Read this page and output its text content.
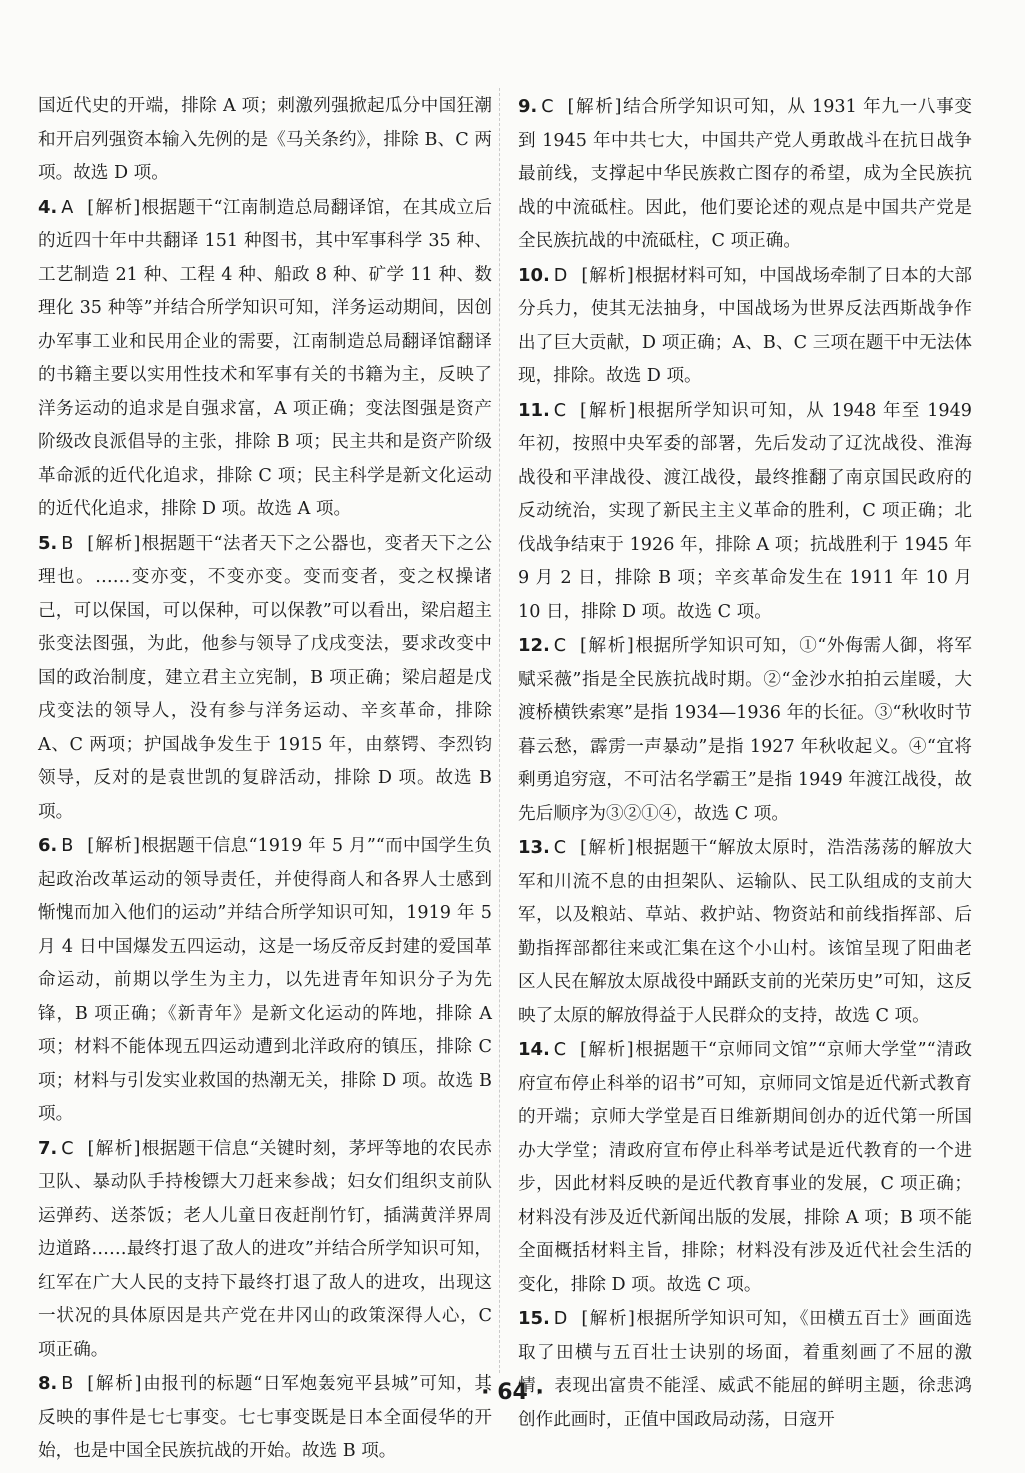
国近代史的开端，排除 A 项；刺激列强掀起瓜分中国狂潮和开启列强资本输入先例的是《马关条约》，排除 B、C 两项。故选 D 项。

4. A [解析]根据题干“江南制造总局翻译馆，在其成立后的近四十年中共翻译 151 种图书，其中军事科学 35 种、工艺制造 21 种、工程 4 种、船政 8 种、矿学 11 种、数理化 35 种等”并结合所学知识可知，洋务运动期间，因创办军事工业和民用企业的需要，江南制造总局翻译馆翻译的书籍主要以实用性技术和军事有关的书籍为主，反映了洋务运动的追求是自强求富，A 项正确；变法图强是资产阶级改良派倡导的主张，排除 B 项；民主共和是资产阶级革命派的近代化追求，排除 C 项；民主科学是新文化运动的近代化追求，排除 D 项。故选 A 项。

5. B [解析]根据题干“法者天下之公器也，变者天下之公理也。……变亦变，不变亦变。变而变者，变之权操诸己，可以保国，可以保种，可以保教”可以看出，梁启超主张变法图强，为此，他参与领导了戊戌变法，要求改变中国的政治制度，建立君主立宪制，B 项正确；梁启超是戊戌变法的领导人，没有参与洋务运动、辛亥革命，排除 A、C 两项；护国战争发生于 1915 年，由蔡锷、李烈钧领导，反对的是袁世凯的复辟活动，排除 D 项。故选 B 项。

6. B [解析]根据题干信息“1919 年 5 月”“而中国学生负起政治改革运动的领导责任，并使得商人和各界人士感到惭愧而加入他们的运动”并结合所学知识可知，1919 年 5 月 4 日中国爆发五四运动，这是一场反帝反封建的爱国革命运动，前期以学生为主力，以先进青年知识分子为先锋，B 项正确；《新青年》是新文化运动的阵地，排除 A 项；材料不能体现五四运动遭到北洋政府的镇压，排除 C 项；材料与引发实业救国的热潮无关，排除 D 项。故选 B 项。

7. C [解析]根据题干信息“关键时刻，茅坪等地的农民赤卫队、暴动队手持梭镖大刀赶来参战；妇女们组织支前队运弹药、送茶饭；老人儿童日夜赶削竹钉，插满黄洋界周边道路……最终打退了敌人的进攻”并结合所学知识可知，红军在广大人民的支持下最终打退了敌人的进攻，出现这一状况的具体原因是共产党在井冈山的政策深得人心，C 项正确。

8. B [解析]由报刊的标题“日军炮轰宛平县城”可知，其反映的事件是七七事变。七七事变既是日本全面侵华的开始，也是中国全民族抗战的开始。故选 B 项。

9. C [解析]结合所学知识可知，从 1931 年九一八事变到 1945 年中共七大，中国共产党人勇敢战斗在抗日战争最前线，支撑起中华民族救亡图存的希望，成为全民族抗战的中流砥柱。因此，他们要论述的观点是中国共产党是全民族抗战的中流砥柱，C 项正确。

10. D [解析]根据材料可知，中国战场牵制了日本的大部分兵力，使其无法抽身，中国战场为世界反法西斯战争作出了巨大贡献，D 项正确；A、B、C 三项在题干中无法体现，排除。故选 D 项。

11. C [解析]根据所学知识可知，从 1948 年至 1949 年初，按照中央军委的部署，先后发动了辽沈战役、淮海战役和平津战役、渡江战役，最终推翻了南京国民政府的反动统治，实现了新民主主义革命的胜利，C 项正确；北伐战争结束于 1926 年，排除 A 项；抗战胜利于 1945 年 9 月 2 日，排除 B 项；辛亥革命发生在 1911 年 10 月 10 日，排除 D 项。故选 C 项。

12. C [解析]根据所学知识可知，①“外侮需人御，将军赋采薇”指是全民族抗战时期。②“金沙水拍拍云崖暖，大渡桥横铁索寒”是指 1934—1936 年的长征。③“秋收时节暮云愁，霹雳一声暴动”是指 1927 年秋收起义。④“宜将剩勇追穷寇，不可沽名学霸王”是指 1949 年渡江战役，故先后顺序为③②①④，故选 C 项。

13. C [解析]根据题干“解放太原时，浩浩荡荡的解放大军和川流不息的由担架队、运输队、民工队组成的支前大军，以及粮站、草站、救护站、物资站和前线指挥部、后勤指挥部都往来或汇集在这个小山村。该馆呈现了阳曲老区人民在解放太原战役中踊跃支前的光荣历史”可知，这反映了太原的解放得益于人民群众的支持，故选 C 项。

14. C [解析]根据题干“京师同文馆”“京师大学堂”“清政府宣布停止科举的诏书”可知，京师同文馆是近代新式教育的开端；京师大学堂是百日维新期间创办的近代第一所国办大学堂；清政府宣布停止科举考试是近代教育的一个进步，因此材料反映的是近代教育事业的发展，C 项正确；材料没有涉及近代新闻出版的发展，排除 A 项；B 项不能全面概括材料主旨，排除；材料没有涉及近代社会生活的变化，排除 D 项。故选 C 项。

15. D [解析]根据所学知识可知，《田横五百士》画面选取了田横与五百壮士诀别的场面，着重刻画了不屈的激情，表现出富贵不能淫、威武不能屈的鲜明主题，徐悲鸿创作此画时，正值中国政局动荡，日寇开

· 64 ·
